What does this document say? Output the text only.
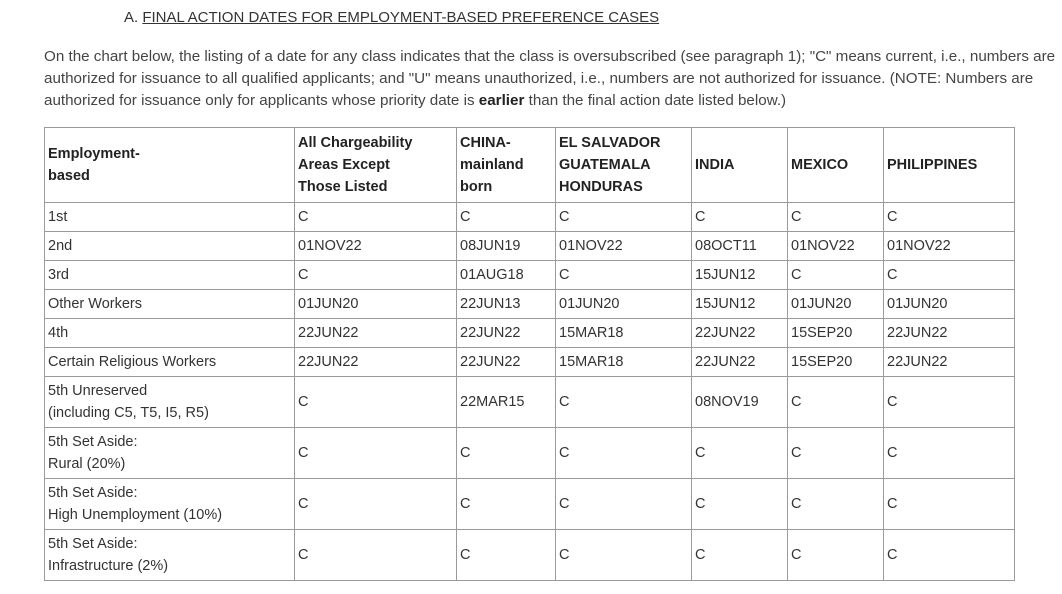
A. FINAL ACTION DATES FOR EMPLOYMENT-BASED PREFERENCE CASES
On the chart below, the listing of a date for any class indicates that the class is oversubscribed (see paragraph 1); "C" means current, i.e., numbers are
authorized for issuance to all qualified applicants; and "U" means unauthorized, i.e., numbers are not authorized for issuance. (NOTE: Numbers are
authorized for issuance only for applicants whose priority date is earlier than the final action date listed below.)
Employment-
based	All Chargeability
Areas Except
Those Listed	CHINA-
mainland
born	EL SALVADOR
GUATEMALA
HONDURAS	INDIA	MEXICO	PHILIPPINES

1st	C	C	C	C	C	C

2nd	01NOV22	08JUN19	01NOV22	08OCT11	01NOV22	01NOV22

3rd	C	01AUG18	C	15JUN12	C	C

Other Workers	01JUN20	22JUN13	01JUN20	15JUN12	01JUN20	01JUN20

4th	22JUN22	22JUN22	15MAR18	22JUN22	15SEP20	22JUN22

Certain Religious Workers	22JUN22	22JUN22	15MAR18	22JUN22	15SEP20	22JUN22

5th Unreserved
(including C5, T5, I5, R5)	C	22MAR15	C	08NOV19	C	C

5th Set Aside:
Rural (20%)	C	C	C	C	C	C

5th Set Aside:
High Unemployment (10%)	C	C	C	C	C	C

5th Set Aside:
Infrastructure (2%)	C	C	C	C	C	C
